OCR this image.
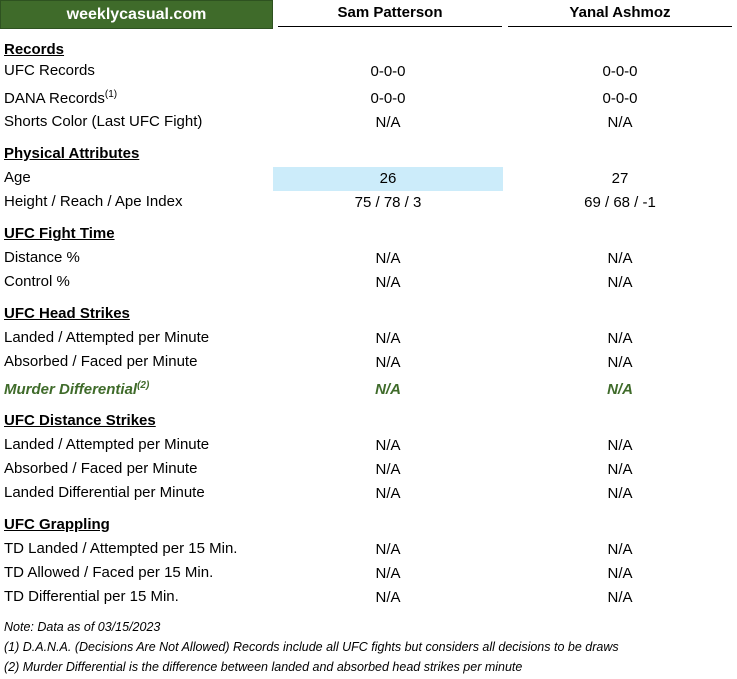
weeklycasual.com	Sam Patterson	Yanal Ashmoz
Records
UFC Records	0-0-0	0-0-0
DANA Records$^{(1)}$	0-0-0	0-0-0
Shorts Color (Last UFC Fight)	N/A	N/A
Physical Attributes
Age	26	27
Height / Reach / Ape Index	75 / 78 / 3	69 / 68 / -1
UFC Fight Time
Distance %	N/A	N/A
Control %	N/A	N/A
UFC Head Strikes
Landed / Attempted per Minute	N/A	N/A
Absorbed / Faced per Minute	N/A	N/A
Murder Differential$^{(2)}$	N/A	N/A
UFC Distance Strikes
Landed / Attempted per Minute	N/A	N/A
Absorbed / Faced per Minute	N/A	N/A
Landed Differential per Minute	N/A	N/A
UFC Grappling
TD Landed / Attempted per 15 Min.	N/A	N/A
TD Allowed / Faced per 15 Min.	N/A	N/A
TD Differential per 15 Min.	N/A	N/A
Note: Data as of 03/15/2023
(1) D.A.N.A. (Decisions Are Not Allowed) Records include all UFC fights but considers all decisions to be draws
(2) Murder Differential is the difference between landed and absorbed head strikes per minute
